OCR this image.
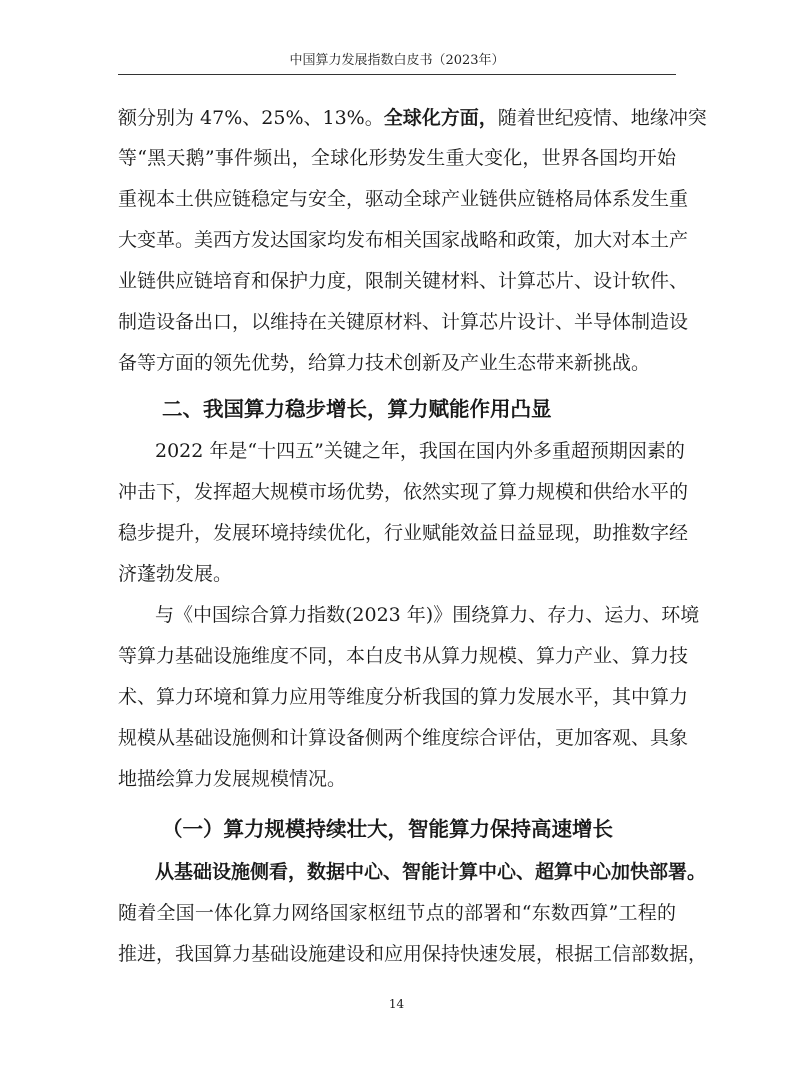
中国算力发展指数白皮书（2023年）
额分别为 47%、25%、13%。全球化方面，随着世纪疫情、地缘冲突
等“黑天鹅”事件频出，全球化形势发生重大变化，世界各国均开始
重视本土供应链稳定与安全，驱动全球产业链供应链格局体系发生重
大变革。美西方发达国家均发布相关国家战略和政策，加大对本土产
业链供应链培育和保护力度，限制关键材料、计算芯片、设计软件、
制造设备出口，以维持在关键原材料、计算芯片设计、半导体制造设
备等方面的领先优势，给算力技术创新及产业生态带来新挑战。
二、我国算力稳步增长，算力赋能作用凸显
2022 年是“十四五”关键之年，我国在国内外多重超预期因素的
冲击下，发挥超大规模市场优势，依然实现了算力规模和供给水平的
稳步提升，发展环境持续优化，行业赋能效益日益显现，助推数字经
济蓬勃发展。
与《中国综合算力指数(2023 年)》围绕算力、存力、运力、环境
等算力基础设施维度不同，本白皮书从算力规模、算力产业、算力技
术、算力环境和算力应用等维度分析我国的算力发展水平，其中算力
规模从基础设施侧和计算设备侧两个维度综合评估，更加客观、具象
地描绘算力发展规模情况。
（一）算力规模持续壮大，智能算力保持高速增长
从基础设施侧看，数据中心、智能计算中心、超算中心加快部署。
随着全国一体化算力网络国家枢纽节点的部署和“东数西算”工程的
推进，我国算力基础设施建设和应用保持快速发展，根据工信部数据，
14
